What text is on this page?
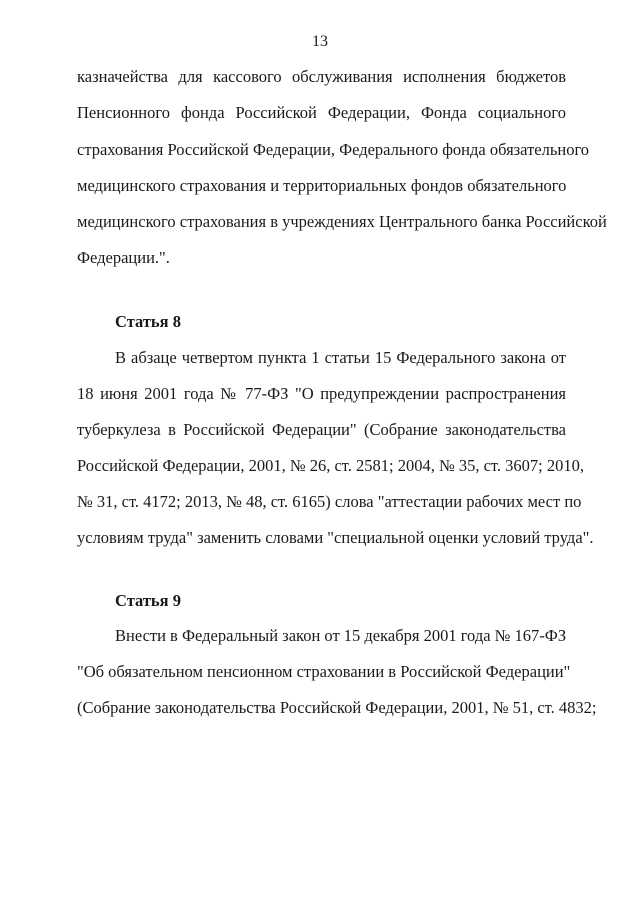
13
казначейства для кассового обслуживания исполнения бюджетов
Пенсионного фонда Российской Федерации, Фонда социального
страхования Российской Федерации, Федерального фонда обязательного
медицинского страхования и территориальных фондов обязательного
медицинского страхования в учреждениях Центрального банка Российской
Федерации.".
Статья 8
В абзаце четвертом пункта 1 статьи 15 Федерального закона от
18 июня 2001 года № 77-ФЗ "О предупреждении распространения
туберкулеза в Российской Федерации" (Собрание законодательства
Российской Федерации, 2001, № 26, ст. 2581; 2004, № 35, ст. 3607; 2010,
№ 31, ст. 4172; 2013, № 48, ст. 6165) слова "аттестации рабочих мест по
условиям труда" заменить словами "специальной оценки условий труда".
Статья 9
Внести в Федеральный закон от 15 декабря 2001 года № 167-ФЗ
"Об обязательном пенсионном страховании в Российской Федерации"
(Собрание законодательства Российской Федерации, 2001, № 51, ст. 4832;
